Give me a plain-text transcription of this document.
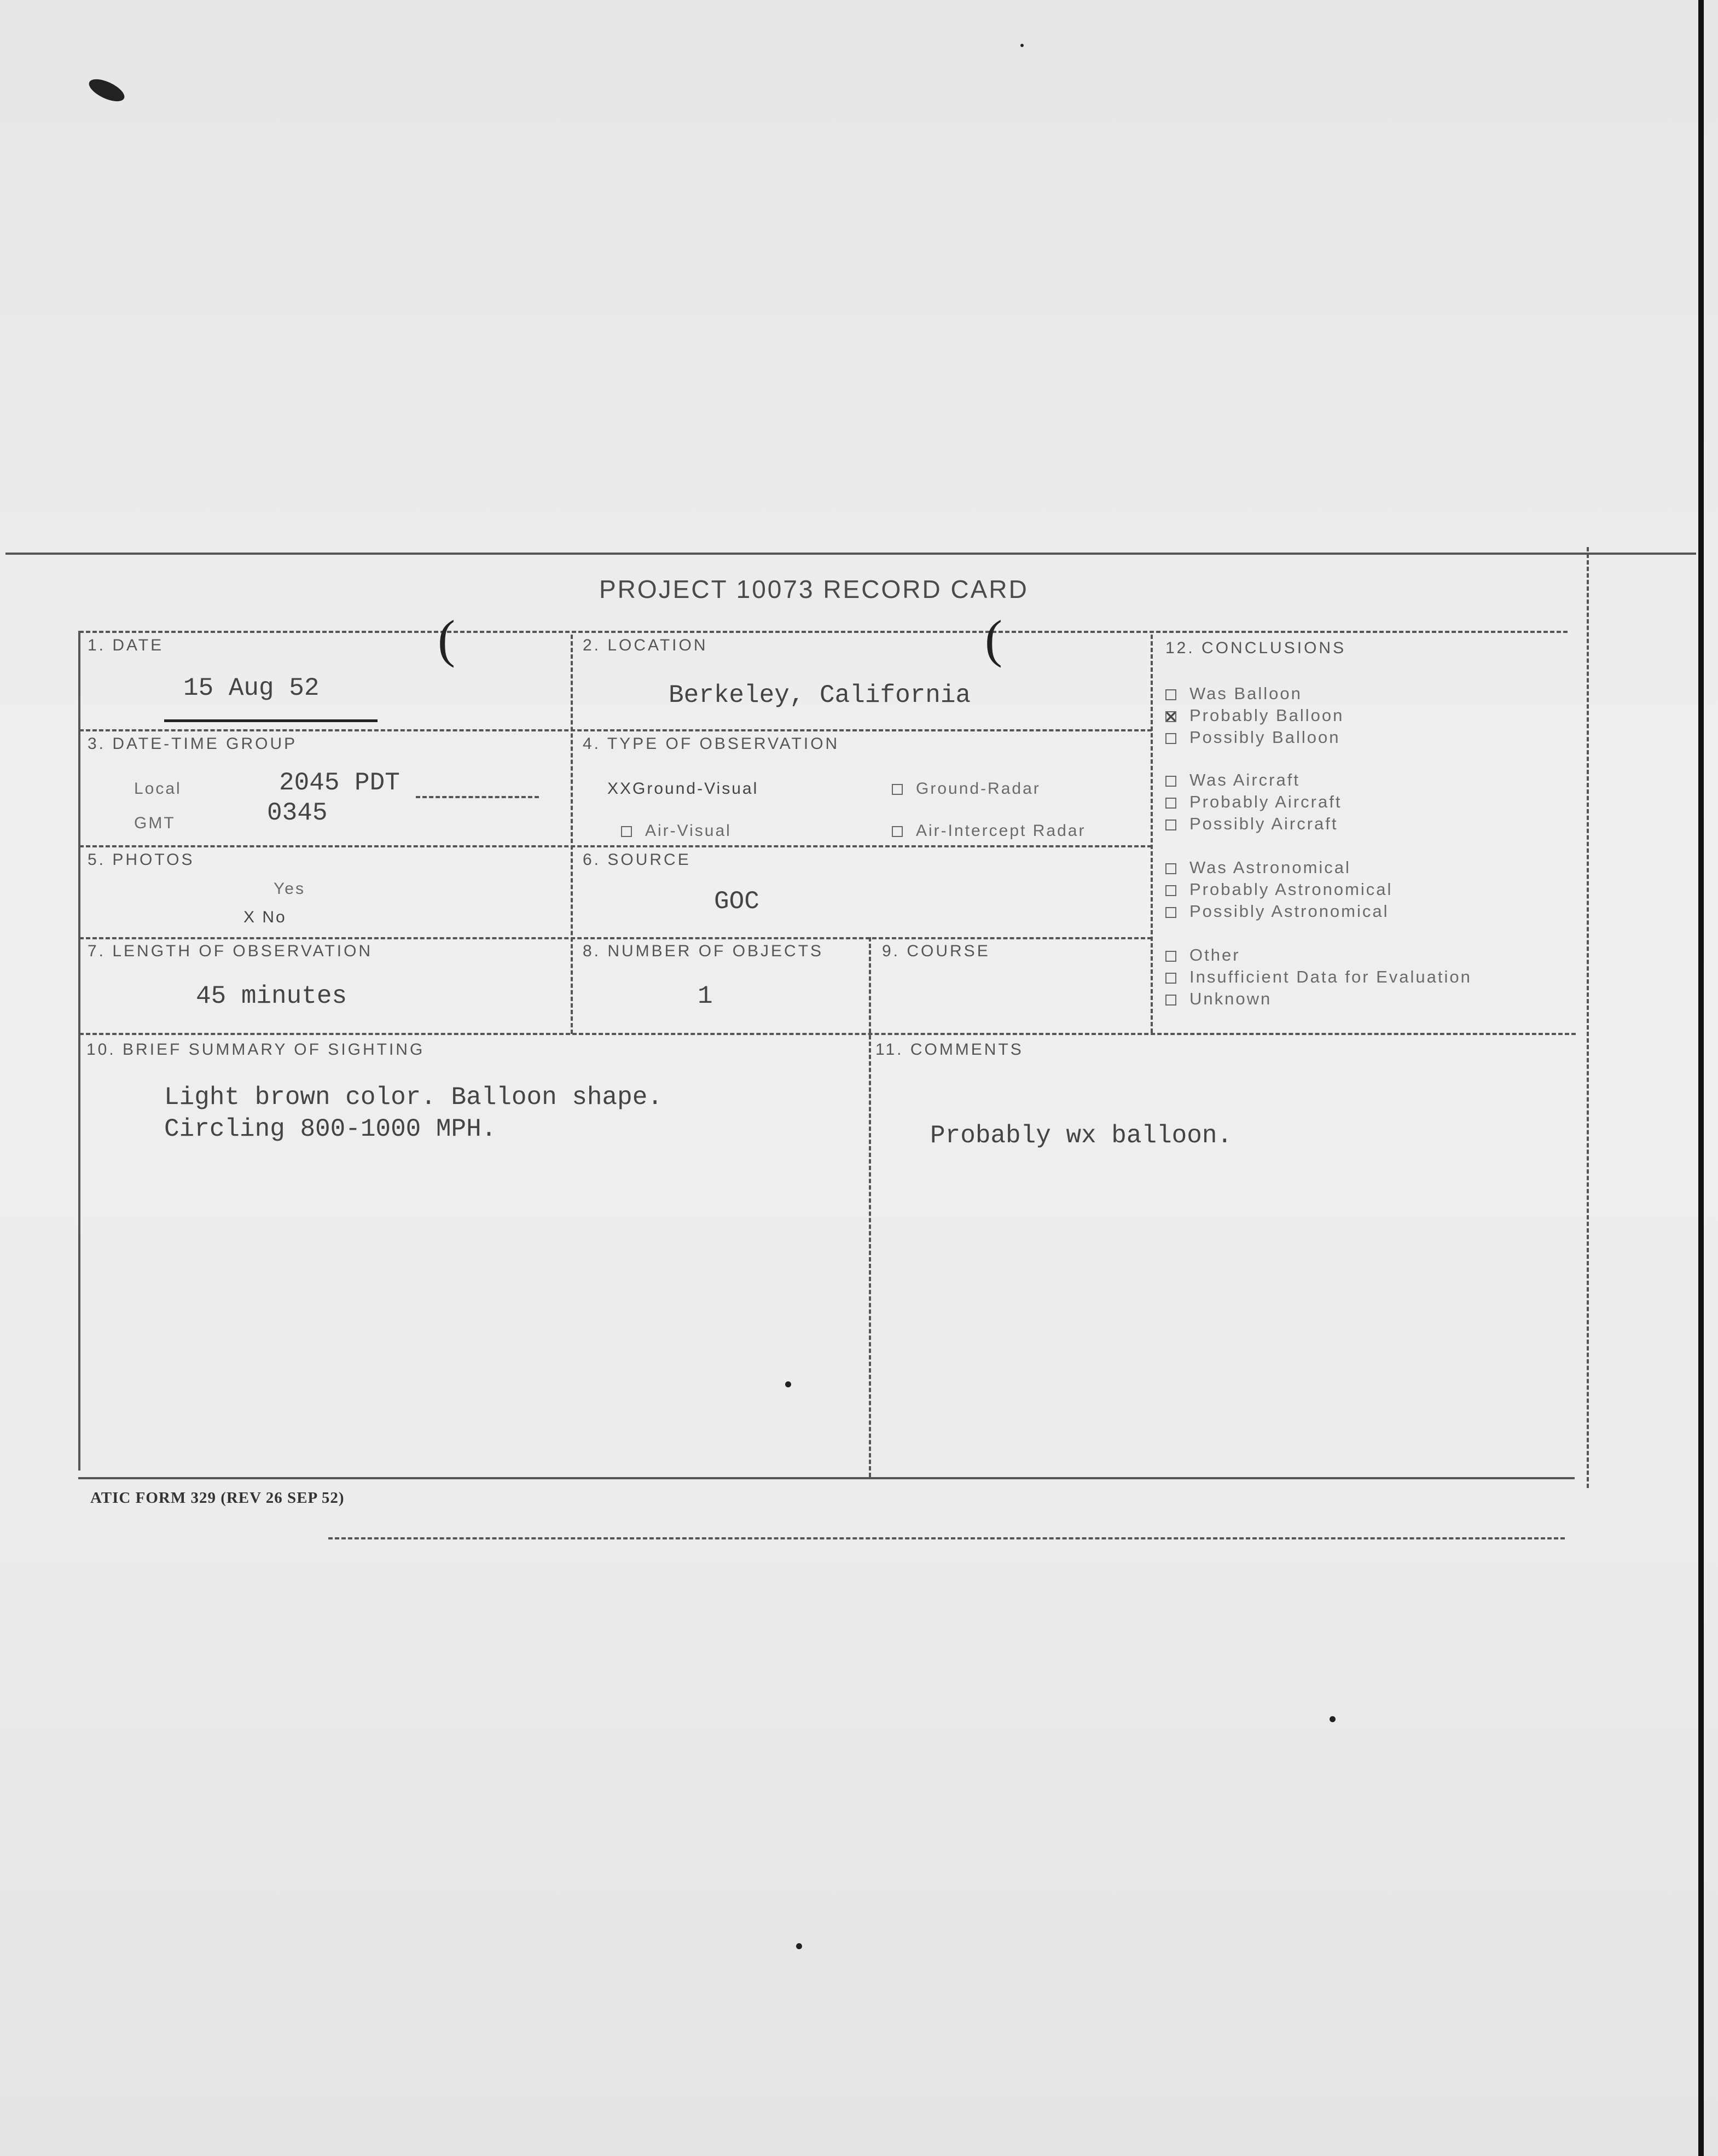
(	(
PROJECT 10073 RECORD CARD
1. DATE
15 Aug 52
2. LOCATION
Berkeley, California
3. DATE-TIME GROUP
Local	2045 PDT
GMT	0345
4. TYPE OF OBSERVATION
XXGround-Visual	Ground-Radar
Air-Visual	Air-Intercept Radar
5. PHOTOS
Yes
X No
6. SOURCE
GOC
7. LENGTH OF OBSERVATION
45 minutes
8. NUMBER OF OBJECTS
1
9. COURSE
10. BRIEF SUMMARY OF SIGHTING
Light brown color. Balloon shape.
Circling 800-1000 MPH.
11. COMMENTS
Probably wx balloon.
12. CONCLUSIONS
Was Balloon
Probably Balloon
Possibly Balloon
Was Aircraft
Probably Aircraft
Possibly Aircraft
Was Astronomical
Probably Astronomical
Possibly Astronomical
Other
Insufficient Data for Evaluation
Unknown
ATIC FORM 329 (REV 26 SEP 52)
